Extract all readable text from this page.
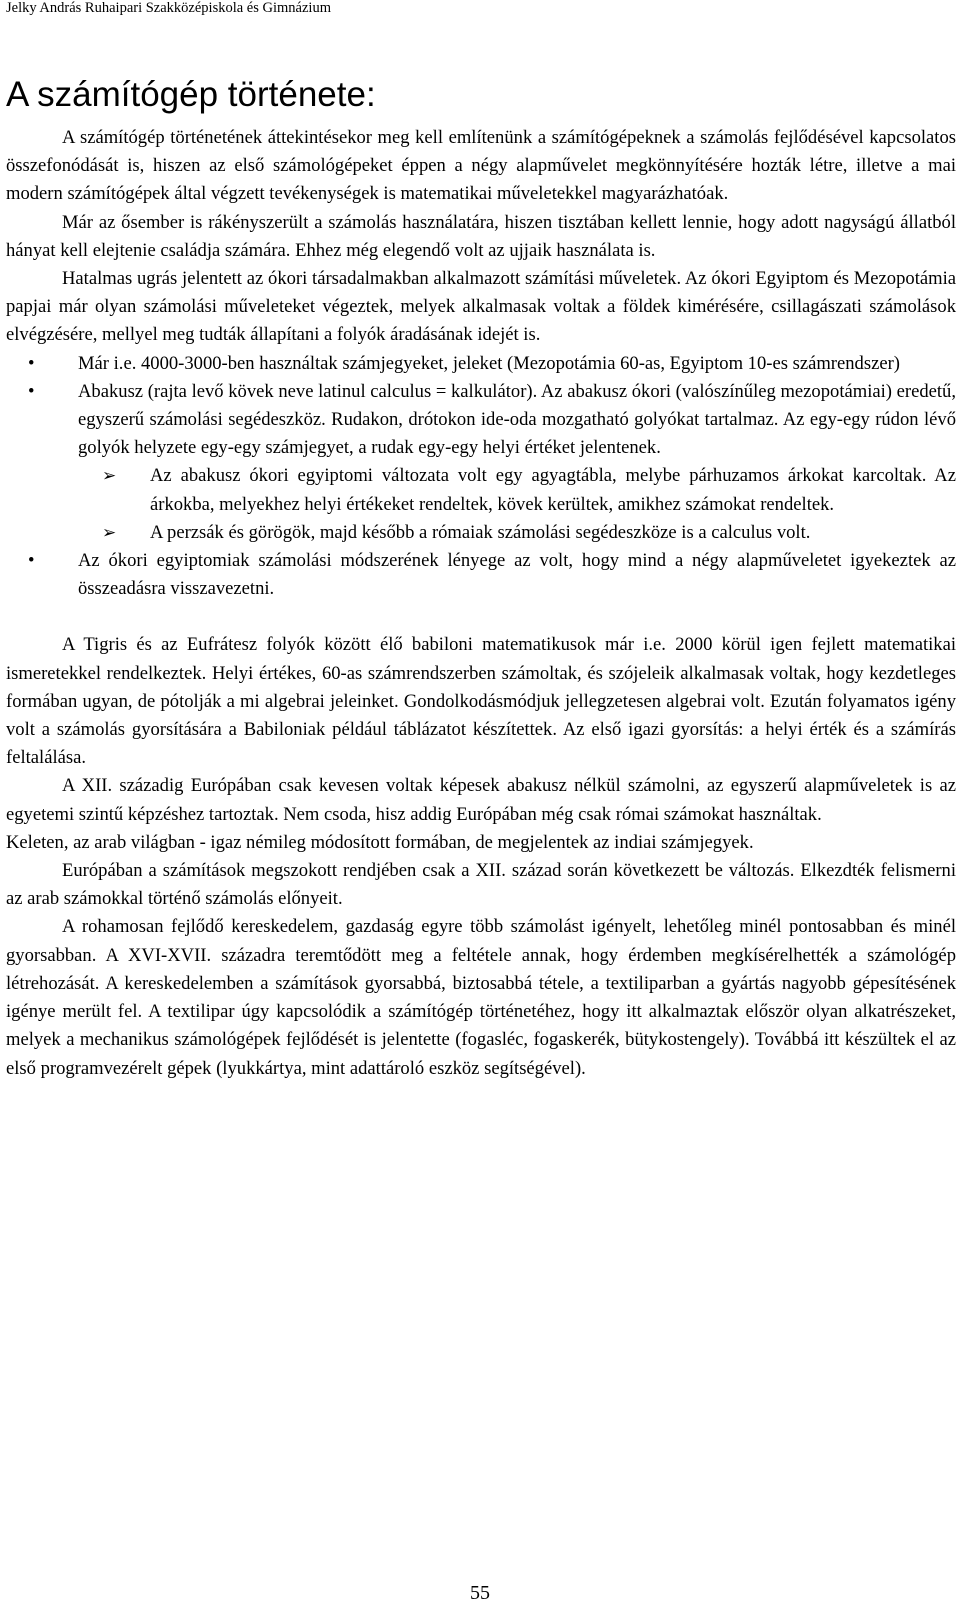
Jelky András Ruhaipari Szakközépiskola és Gimnázium
A számítógép története:

A számítógép történetének áttekintésekor meg kell említenünk a számítógépeknek a számolás fejlődésével kapcsolatos összefonódását is, hiszen az első számológépeket éppen a négy alapművelet megkönnyítésére hozták létre, illetve a mai modern számítógépek által végzett tevékenységek is matematikai műveletekkel magyarázhatóak.

Már az ősember is rákényszerült a számolás használatára, hiszen tisztában kellett lennie, hogy adott nagyságú állatból hányat kell elejtenie családja számára. Ehhez még elegendő volt az ujjaik használata is.

Hatalmas ugrás jelentett az ókori társadalmakban alkalmazott számítási műveletek. Az ókori Egyiptom és Mezopotámia papjai már olyan számolási műveleteket végeztek, melyek alkalmasak voltak a földek kimérésére, csillagászati számolások elvégzésére, mellyel meg tudták állapítani a folyók áradásának idejét is.

• Már i.e. 4000-3000-ben használtak számjegyeket, jeleket (Mezopotámia 60-as, Egyiptom 10-es számrendszer)
• Abakusz (rajta levő kövek neve latinul calculus = kalkulátor). Az abakusz ókori (valószínűleg mezopotámiai) eredetű, egyszerű számolási segédeszköz. Rudakon, drótokon ide-oda mozgatható golyókat tartalmaz. Az egy-egy rúdon lévő golyók helyzete egy-egy számjegyet, a rudak egy-egy helyi értéket jelentenek.
➢ Az abakusz ókori egyiptomi változata volt egy agyagtábla, melybe párhuzamos árkokat karcoltak. Az árkokba, melyekhez helyi értékeket rendeltek, kövek kerültek, amikhez számokat rendeltek.
➢ A perzsák és görögök, majd később a rómaiak számolási segédeszköze is a calculus volt.
• Az ókori egyiptomiak számolási módszerének lényege az volt, hogy mind a négy alapműveletet igyekeztek az összeadásra visszavezetni.

A Tigris és az Eufrátesz folyók között élő babiloni matematikusok már i.e. 2000 körül igen fejlett matematikai ismeretekkel rendelkeztek. Helyi értékes, 60-as számrendszerben számoltak, és szójeleik alkalmasak voltak, hogy kezdetleges formában ugyan, de pótolják a mi algebrai jeleinket. Gondolkodásmódjuk jellegzetesen algebrai volt. Ezután folyamatos igény volt a számolás gyorsítására a Babiloniak például táblázatot készítettek. Az első igazi gyorsítás: a helyi érték és a számírás feltalálása.

A XII. századig Európában csak kevesen voltak képesek abakusz nélkül számolni, az egyszerű alapműveletek is az egyetemi szintű képzéshez tartoztak. Nem csoda, hisz addig Európában még csak római számokat használtak.

Keleten, az arab világban - igaz némileg módosított formában, de megjelentek az indiai számjegyek.

Európában a számítások megszokott rendjében csak a XII. század során következett be változás. Elkezdték felismerni az arab számokkal történő számolás előnyeit.

A rohamosan fejlődő kereskedelem, gazdaság egyre több számolást igényelt, lehetőleg minél pontosabban és minél gyorsabban. A XVI-XVII. századra teremtődött meg a feltétele annak, hogy érdemben megkísérelhették a számológép létrehozását. A kereskedelemben a számítások gyorsabbá, biztosabbá tétele, a textiliparban a gyártás nagyobb gépesítésének igénye merült fel. A textilipar úgy kapcsolódik a számítógép történetéhez, hogy itt alkalmaztak először olyan alkatrészeket, melyek a mechanikus számológépek fejlődését is jelentette (fogasléc, fogaskerék, bütykostengely). Továbbá itt készültek el az első programvezérelt gépek (lyukkártya, mint adattároló eszköz segítségével).

55
